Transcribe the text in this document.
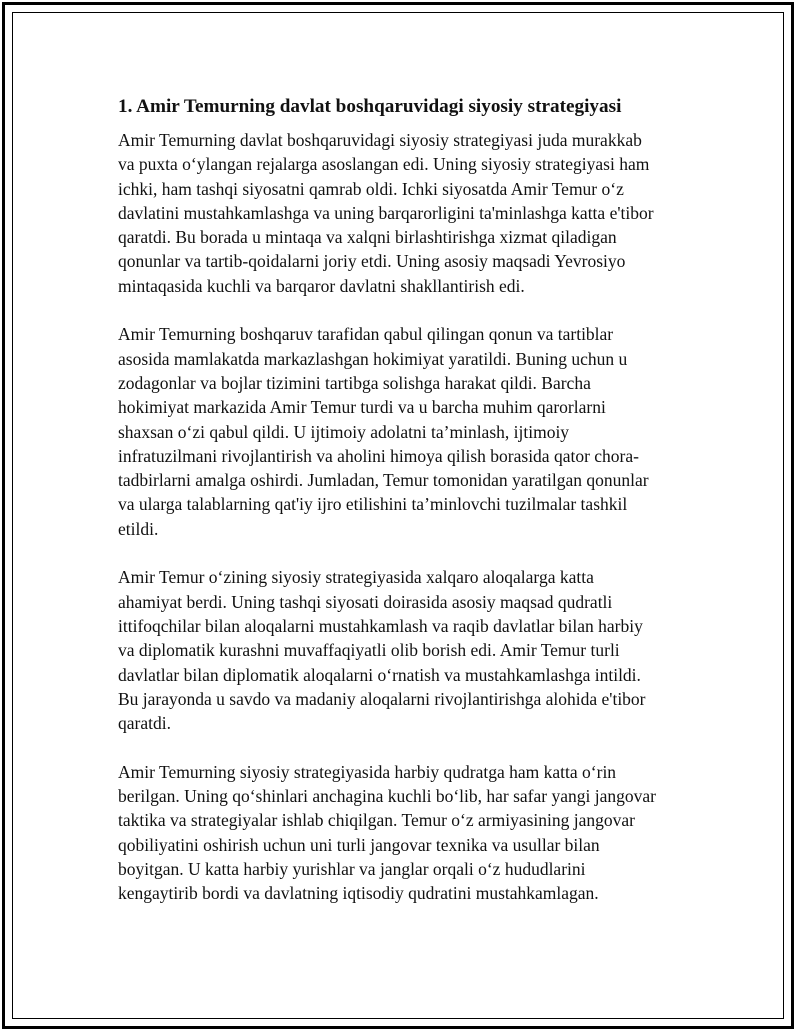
1. Amir Temurning davlat boshqaruvidagi siyosiy strategiyasi

Amir Temurning davlat boshqaruvidagi siyosiy strategiyasi juda murakkab
va puxta o‘ylangan rejalarga asoslangan edi. Uning siyosiy strategiyasi ham
ichki, ham tashqi siyosatni qamrab oldi. Ichki siyosatda Amir Temur o‘z
davlatini mustahkamlashga va uning barqarorligini ta'minlashga katta e'tibor
qaratdi. Bu borada u mintaqa va xalqni birlashtirishga xizmat qiladigan
qonunlar va tartib-qoidalarni joriy etdi. Uning asosiy maqsadi Yevrosiyo
mintaqasida kuchli va barqaror davlatni shakllantirish edi.

Amir Temurning boshqaruv tarafidan qabul qilingan qonun va tartiblar
asosida mamlakatda markazlashgan hokimiyat yaratildi. Buning uchun u
zodagonlar va bojlar tizimini tartibga solishga harakat qildi. Barcha
hokimiyat markazida Amir Temur turdi va u barcha muhim qarorlarni
shaxsan o‘zi qabul qildi. U ijtimoiy adolatni ta’minlash, ijtimoiy
infratuzilmani rivojlantirish va aholini himoya qilish borasida qator chora-
tadbirlarni amalga oshirdi. Jumladan, Temur tomonidan yaratilgan qonunlar
va ularga talablarning qat'iy ijro etilishini ta’minlovchi tuzilmalar tashkil
etildi.

Amir Temur o‘zining siyosiy strategiyasida xalqaro aloqalarga katta
ahamiyat berdi. Uning tashqi siyosati doirasida asosiy maqsad qudratli
ittifoqchilar bilan aloqalarni mustahkamlash va raqib davlatlar bilan harbiy
va diplomatik kurashni muvaffaqiyatli olib borish edi. Amir Temur turli
davlatlar bilan diplomatik aloqalarni o‘rnatish va mustahkamlashga intildi.
Bu jarayonda u savdo va madaniy aloqalarni rivojlantirishga alohida e'tibor
qaratdi.

Amir Temurning siyosiy strategiyasida harbiy qudratga ham katta o‘rin
berilgan. Uning qo‘shinlari anchagina kuchli bo‘lib, har safar yangi jangovar
taktika va strategiyalar ishlab chiqilgan. Temur o‘z armiyasining jangovar
qobiliyatini oshirish uchun uni turli jangovar texnika va usullar bilan
boyitgan. U katta harbiy yurishlar va janglar orqali o‘z hududlarini
kengaytirib bordi va davlatning iqtisodiy qudratini mustahkamlagan.
